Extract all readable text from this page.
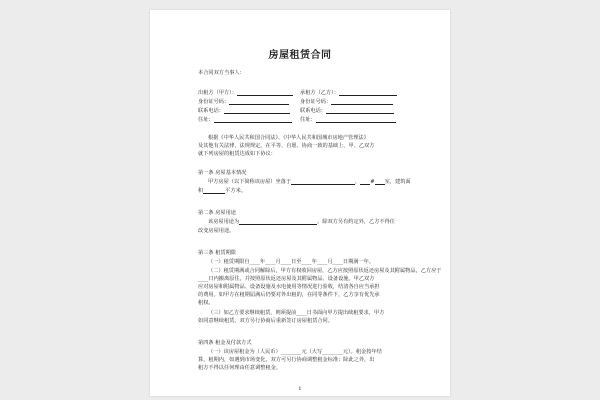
房屋租赁合同
本合同双方当事人：
出租方（甲方）：	承租方（乙方）：
身份证号码：	身份证号码：
联系电话：	联系电话：
住址：	住址：
根据《中华人民共和国合同法》、《中华人民共和国城市房地产管理法》
及其他有关法律、法规规定，在平等、自愿、协商一致的基础上，甲、乙双方
就下列房屋的租赁达成如下协议：
第一条 房屋基本情况
甲方房屋（以下简称该房屋）坐落于	， # 室，建筑面
积	平方米。
第二条 房屋用途
该房屋用途为	。除双方另有约定外，乙方不得任
改变房屋用途。
第三条 租赁期限
（一）租赁期限自____年____月____日至____年____月____日期满一年。
（二）租赁期满或合同解除后，甲方有权收回房屋，乙方应按照原状返还房屋及其附属物品，乙方应于
____日内搬离原住，并按照原状返还房屋及其附属物品、设备设施。甲乙双方
应对房屋和附属物品、设备设施及水电使用等情况进行验收，结清各自应当承担
的费用。如甲方在租期届满后仍要对外出租的，在同等条件下，乙方享有优先承
租权。
（三）如乙方要求继续租赁，则须提前____日书面向甲方提出续租要求，甲方
如同意继续租赁，双方另行协商后重新签订房屋租赁合同。
第四条 租金及付款方式
（一）该房屋租金为（人民币）________元（大写________元）。租金按年结
算，租期内，如遇到市场变化，双方可另行协商调整租金标准；除此之外，出
租方不得以任何理由任意调整租金。
1
